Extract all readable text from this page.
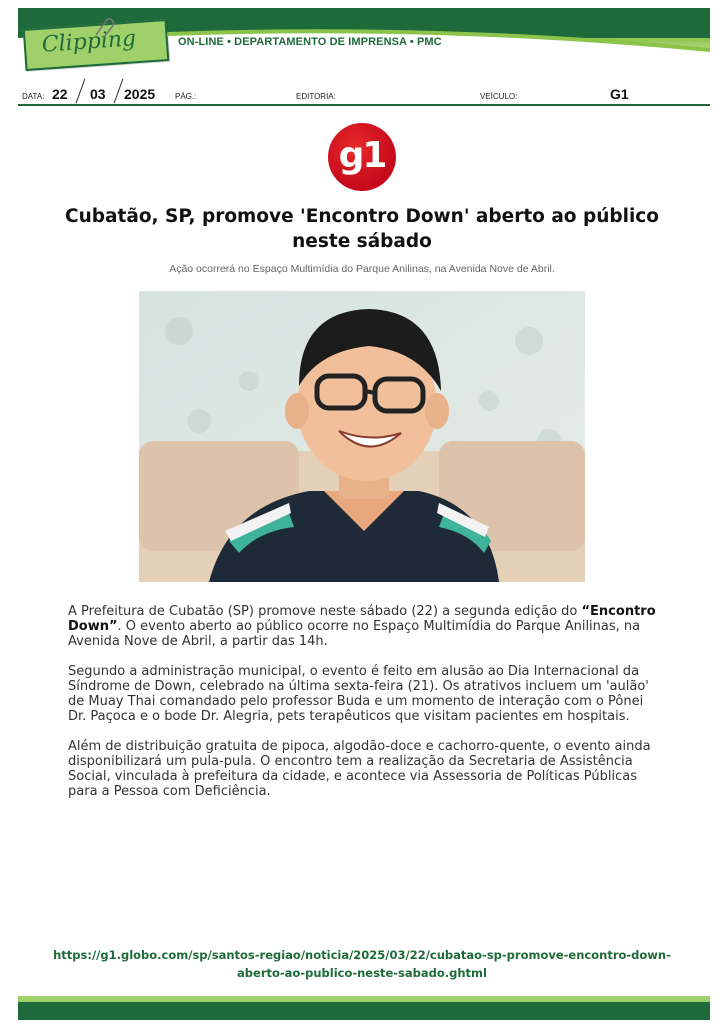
Clipping	ON-LINE • DEPARTAMENTO DE IMPRENSA • PMC
DATA: 22 03 2025 PÁG.:	EDITORIA:	VEÍCULO:	G1
g1
Cubatão, SP, promove 'Encontro Down' aberto ao público neste sábado
Ação ocorrerá no Espaço Multimídia do Parque Anilinas, na Avenida Nove de Abril.

A Prefeitura de Cubatão (SP) promove neste sábado (22) a segunda edição do “Encontro Down”. O evento aberto ao público ocorre no Espaço Multimídia do Parque Anilinas, na Avenida Nove de Abril, a partir das 14h.

Segundo a administração municipal, o evento é feito em alusão ao Dia Internacional da Síndrome de Down, celebrado na última sexta-feira (21). Os atrativos incluem um 'aulão' de Muay Thai comandado pelo professor Buda e um momento de interação com o Pônei Dr. Paçoca e o bode Dr. Alegria, pets terapêuticos que visitam pacientes em hospitais.

Além de distribuição gratuita de pipoca, algodão-doce e cachorro-quente, o evento ainda disponibilizará um pula-pula. O encontro tem a realização da Secretaria de Assistência Social, vinculada à prefeitura da cidade, e acontece via Assessoria de Políticas Públicas para a Pessoa com Deficiência.

https://g1.globo.com/sp/santos-regiao/noticia/2025/03/22/cubatao-sp-promove-encontro-down-
aberto-ao-publico-neste-sabado.ghtml
